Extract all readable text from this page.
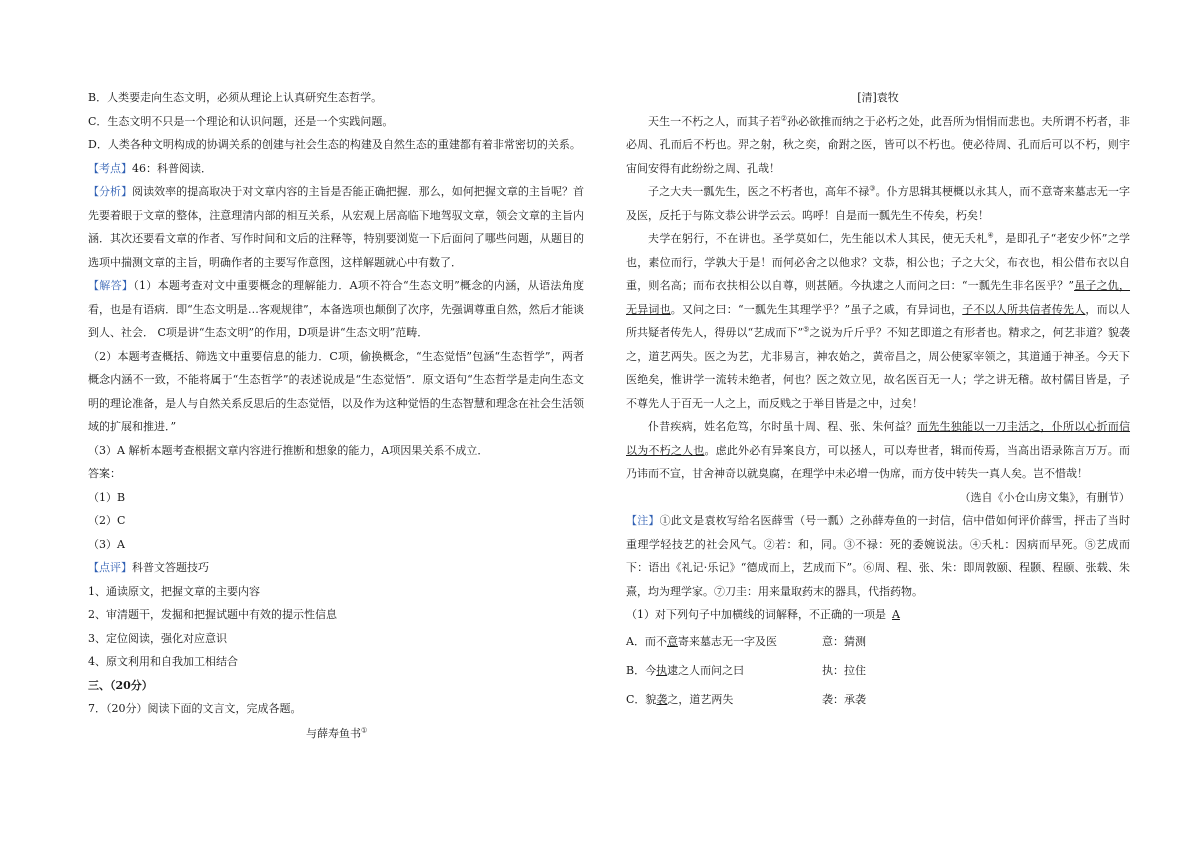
B．人类要走向生态文明，必须从理论上认真研究生态哲学。
C．生态文明不只是一个理论和认识问题，还是一个实践问题。
D．人类各种文明构成的协调关系的创建与社会生态的构建及自然生态的重建都有着非常密切的关系。
【考点】46：科普阅读．
【分析】阅读效率的提高取决于对文章内容的主旨是否能正确把握．那么，如何把握文章的主旨呢？首先要着眼于文章的整体，注意理清内部的相互关系，从宏观上居高临下地驾驭文章，领会文章的主旨内涵．其次还要看文章的作者、写作时间和文后的注释等，特别要浏览一下后面问了哪些问题，从题目的选项中揣测文章的主旨，明确作者的主要写作意图，这样解题就心中有数了．
【解答】（1）本题考查对文中重要概念的理解能力．A项不符合“生态文明”概念的内涵，从语法角度看，也是有语病．即“生态文明是…客观规律”，本备选项也颠倒了次序，先强调尊重自然，然后才能谈到人、社会． C项是讲“生态文明”的作用，D项是讲“生态文明”范畴．
（2）本题考查概括、筛选文中重要信息的能力．C项，偷换概念，“生态觉悟”包涵“生态哲学”，两者概念内涵不一致，不能将属于“生态哲学”的表述说成是“生态觉悟”．原文语句“生态哲学是走向生态文明的理论准备，是人与自然关系反思后的生态觉悟，以及作为这种觉悟的生态智慧和理念在社会生活领域的扩展和推进．”
（3）A 解析本题考查根据文章内容进行推断和想象的能力，A项因果关系不成立．
答案：
（1）B
（2）C
（3）A
【点评】科普文答题技巧
1、通读原文，把握文章的主要内容
2、审清题干，发掘和把握试题中有效的提示性信息
3、定位阅读，强化对应意识
4、原文利用和自我加工相结合
三、（20分）
7．（20分）阅读下面的文言文，完成各题。
与薛寿鱼书①
[清]袁牧
天生一不朽之人，而其子若②孙必欲推而纳之于必朽之处，此吾所为悁悁而悲也。夫所谓不朽者，非必周、孔而后不朽也。羿之射，秋之奕，俞跗之医，皆可以不朽也。使必待周、孔而后可以不朽，则宇宙间安得有此纷纷之周、孔哉！
子之大夫一瓢先生，医之不朽者也，高年不禄③。仆方思辑其梗概以永其人，而不意寄来墓志无一字及医，反托于与陈文恭公讲学云云。呜呼！自是而一瓢先生不传矣，朽矣！
夫学在躬行，不在讲也。圣学莫如仁，先生能以术人其民，使无夭札④，是即孔子“老安少怀”之学也，素位而行，学孰大于是！而何必舍之以他求？文恭，相公也；子之大父，布衣也，相公借布衣以自重，则名高；而布衣扶相公以自尊，则甚陋。今执逮之人而问之曰：“一瓢先生非名医乎？”虽子之仇，无异词也。又问之曰：“一瓢先生其理学乎？”虽子之戚，有异词也，子不以人所共信者传先人，而以人所共疑者传先人，得毋以“艺成而下”⑤之说为斤斤乎？不知艺即道之有形者也。精求之，何艺非道？貌袭之，道艺两失。医之为艺，尤非易言，神农始之，黄帝昌之，周公使冢宰领之，其道通于神圣。今天下医绝矣，惟讲学一流转未绝者，何也？医之效立见，故名医百无一人；学之讲无稽。故村儒目皆是，子不尊先人于百无一人之上，而反贱之于举目皆是之中，过矣！
仆昔疾病，姓名危笃，尔时虽十周、程、张、朱何益？而先生独能以一刀圭活之，仆所以心折而信以为不朽之人也。虑此外必有异案良方，可以拯人，可以寿世者，辑而传焉，当高出语录陈言万万。而乃讳而不宣，甘舍神奇以就臭腐，在理学中未必增一伪席，而方伎中转失一真人矣。岂不惜哉！
（选自《小仓山房文集》，有删节）
【注】①此文是袁枚写给名医薛雪（号一瓢）之孙薛寿鱼的一封信，信中借如何评价薛雪，抨击了当时重理学轻技艺的社会风气。②若：和，同。③不禄：死的委婉说法。④夭札：因病而早死。⑤艺成而下：语出《礼记·乐记》“德成而上，艺成而下”。⑥周、程、张、朱：即周敦颐、程颢、程颐、张载、朱熹，均为理学家。⑦刀圭：用来量取药末的器具，代指药物。
（1）对下列句子中加横线的词解释，不正确的一项是 A
A．而不意寄来墓志无一字及医	意：猜测
B．今执逮之人而问之曰	执：拉住
C．貌袭之，道艺两失	袭：承袭
